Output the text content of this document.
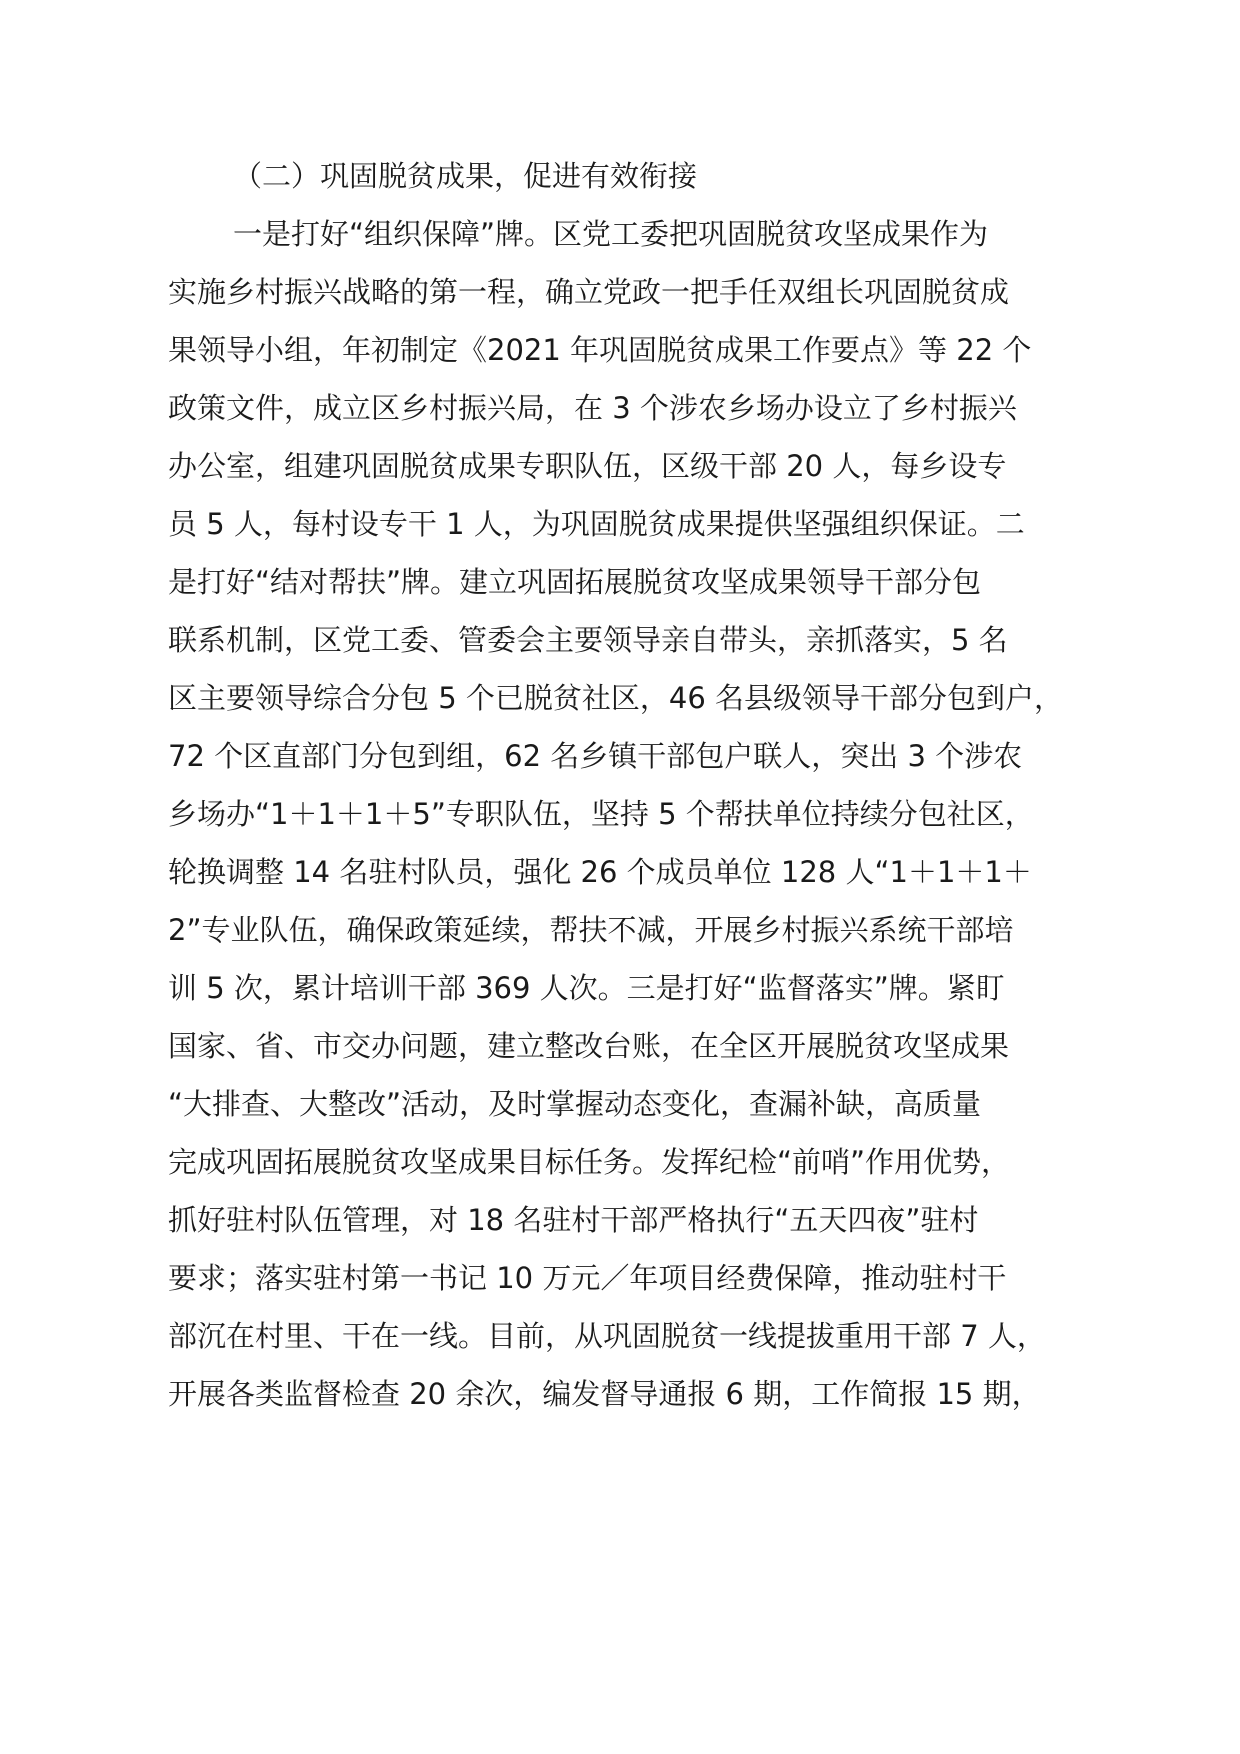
（二）巩固脱贫成果，促进有效衔接
一是打好“组织保障”牌。区党工委把巩固脱贫攻坚成果作为
实施乡村振兴战略的第一程，确立党政一把手任双组长巩固脱贫成
果领导小组，年初制定《2021 年巩固脱贫成果工作要点》等 22 个
政策文件，成立区乡村振兴局，在 3 个涉农乡场办设立了乡村振兴
办公室，组建巩固脱贫成果专职队伍，区级干部 20 人，每乡设专
员 5 人，每村设专干 1 人，为巩固脱贫成果提供坚强组织保证。二
是打好“结对帮扶”牌。建立巩固拓展脱贫攻坚成果领导干部分包
联系机制，区党工委、管委会主要领导亲自带头，亲抓落实，5 名
区主要领导综合分包 5 个已脱贫社区，46 名县级领导干部分包到户，
72 个区直部门分包到组，62 名乡镇干部包户联人，突出 3 个涉农
乡场办“1＋1＋1＋5”专职队伍，坚持 5 个帮扶单位持续分包社区，
轮换调整 14 名驻村队员，强化 26 个成员单位 128 人“1＋1＋1＋
2”专业队伍，确保政策延续，帮扶不减，开展乡村振兴系统干部培
训 5 次，累计培训干部 369 人次。三是打好“监督落实”牌。紧盯
国家、省、市交办问题，建立整改台账，在全区开展脱贫攻坚成果
“大排查、大整改”活动，及时掌握动态变化，查漏补缺，高质量
完成巩固拓展脱贫攻坚成果目标任务。发挥纪检“前哨”作用优势，
抓好驻村队伍管理，对 18 名驻村干部严格执行“五天四夜”驻村
要求；落实驻村第一书记 10 万元／年项目经费保障，推动驻村干
部沉在村里、干在一线。目前，从巩固脱贫一线提拔重用干部 7 人，
开展各类监督检查 20 余次，编发督导通报 6 期，工作简报 15 期，
